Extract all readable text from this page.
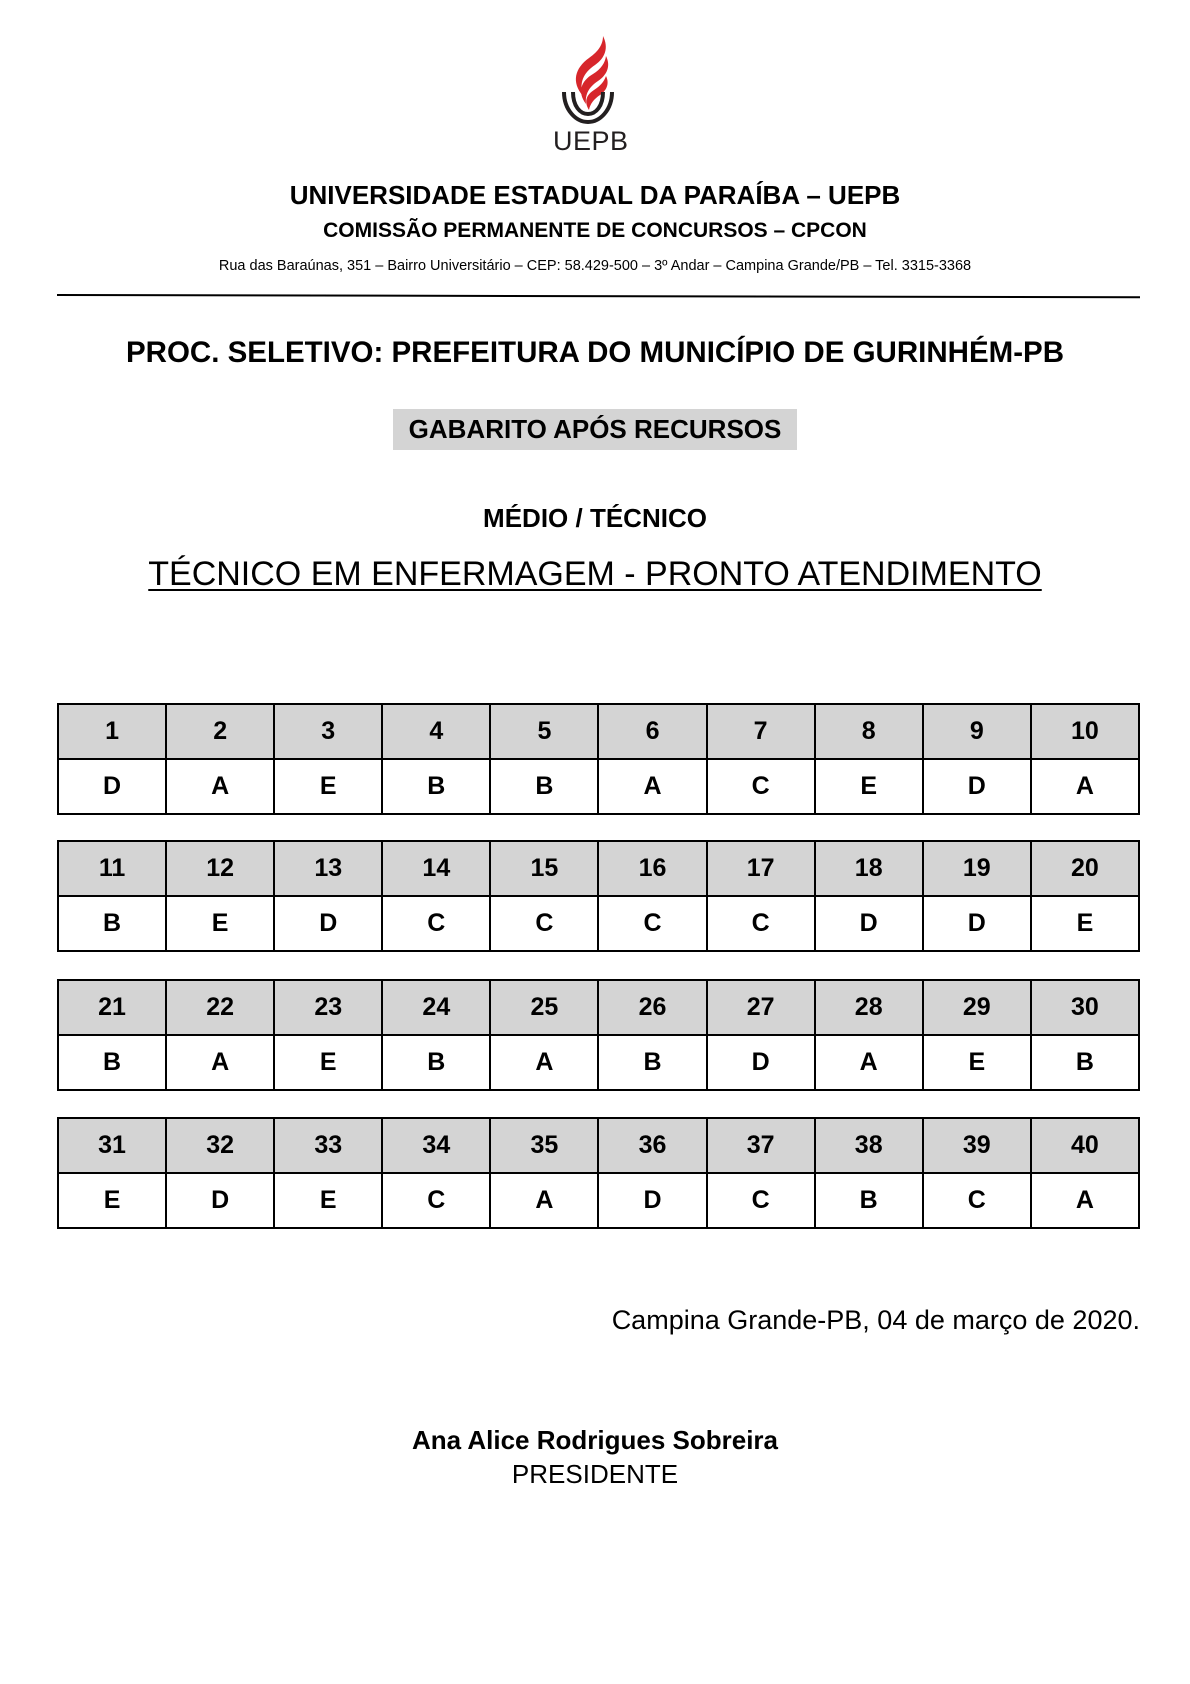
UEPB
UNIVERSIDADE ESTADUAL DA PARAÍBA – UEPB
COMISSÃO PERMANENTE DE CONCURSOS – CPCON
Rua das Baraúnas, 351 – Bairro Universitário – CEP: 58.429-500 – 3º Andar – Campina Grande/PB – Tel. 3315-3368
PROC. SELETIVO: PREFEITURA DO MUNICÍPIO DE GURINHÉM-PB
GABARITO APÓS RECURSOS
MÉDIO / TÉCNICO
TÉCNICO EM ENFERMAGEM - PRONTO ATENDIMENTO
1	2	3	4	5	6	7	8	9	10
D	A	E	B	B	A	C	E	D	A
11	12	13	14	15	16	17	18	19	20
B	E	D	C	C	C	C	D	D	E
21	22	23	24	25	26	27	28	29	30
B	A	E	B	A	B	D	A	E	B
31	32	33	34	35	36	37	38	39	40
E	D	E	C	A	D	C	B	C	A
Campina Grande-PB, 04 de março de 2020.
Ana Alice Rodrigues Sobreira
PRESIDENTE
